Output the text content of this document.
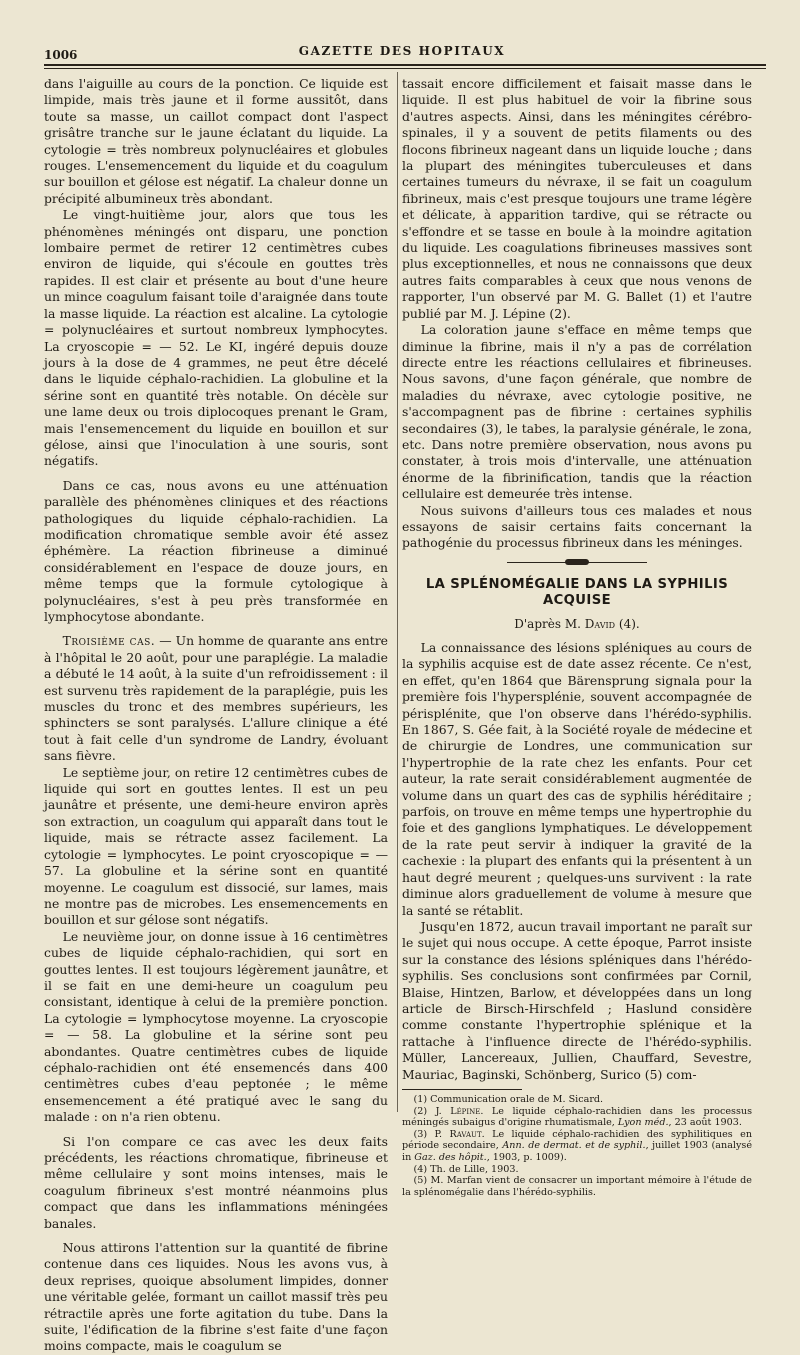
1006	GAZETTE DES HOPITAUX

dans l'aiguille au cours de la ponction. Ce liquide est limpide, mais très jaune et il forme aussitôt, dans toute sa masse, un caillot compact dont l'aspect grisâtre tranche sur le jaune éclatant du liquide. La cytologie = très nombreux polynucléaires et globules rouges. L'ensemencement du liquide et du coagulum sur bouillon et gélose est négatif. La chaleur donne un précipité albumineux très abondant.

Le vingt-huitième jour, alors que tous les phénomènes méningés ont disparu, une ponction lombaire permet de retirer 12 centimètres cubes environ de liquide, qui s'écoule en gouttes très rapides. Il est clair et présente au bout d'une heure un mince coagulum faisant toile d'araignée dans toute la masse liquide. La réaction est alcaline. La cytologie = polynucléaires et surtout nombreux lymphocytes. La cryoscopie = — 52. Le KI, ingéré depuis douze jours à la dose de 4 grammes, ne peut être décelé dans le liquide céphalo-rachidien. La globuline et la sérine sont en quantité très notable. On décèle sur une lame deux ou trois diplocoques prenant le Gram, mais l'ensemencement du liquide en bouillon et sur gélose, ainsi que l'inoculation à une souris, sont négatifs.

Dans ce cas, nous avons eu une atténuation parallèle des phénomènes cliniques et des réactions pathologiques du liquide céphalo-rachidien. La modification chromatique semble avoir été assez éphémère. La réaction fibrineuse a diminué considérablement en l'espace de douze jours, en même temps que la formule cytologique à polynucléaires, s'est à peu près transformée en lymphocytose abondante.

Troisième cas. — Un homme de quarante ans entre à l'hôpital le 20 août, pour une paraplégie. La maladie a débuté le 14 août, à la suite d'un refroidissement : il est survenu très rapidement de la paraplégie, puis les muscles du tronc et des membres supérieurs, les sphincters se sont paralysés. L'allure clinique a été tout à fait celle d'un syndrome de Landry, évoluant sans fièvre.

Le septième jour, on retire 12 centimètres cubes de liquide qui sort en gouttes lentes. Il est un peu jaunâtre et présente, une demi-heure environ après son extraction, un coagulum qui apparaît dans tout le liquide, mais se rétracte assez facilement. La cytologie = lymphocytes. Le point cryoscopique = — 57. La globuline et la sérine sont en quantité moyenne. Le coagulum est dissocié, sur lames, mais ne montre pas de microbes. Les ensemencements en bouillon et sur gélose sont négatifs.

Le neuvième jour, on donne issue à 16 centimètres cubes de liquide céphalo-rachidien, qui sort en gouttes lentes. Il est toujours légèrement jaunâtre, et il se fait en une demi-heure un coagulum peu consistant, identique à celui de la première ponction. La cytologie = lymphocytose moyenne. La cryoscopie = — 58. La globuline et la sérine sont peu abondantes. Quatre centimètres cubes de liquide céphalo-rachidien ont été ensemencés dans 400 centimètres cubes d'eau peptonée ; le même ensemencement a été pratiqué avec le sang du malade : on n'a rien obtenu.

Si l'on compare ce cas avec les deux faits précédents, les réactions chromatique, fibrineuse et même cellulaire y sont moins intenses, mais le coagulum fibrineux s'est montré néanmoins plus compact que dans les inflammations méningées banales.

Nous attirons l'attention sur la quantité de fibrine contenue dans ces liquides. Nous les avons vus, à deux reprises, quoique absolument limpides, donner une véritable gelée, formant un caillot massif très peu rétractile après une forte agitation du tube. Dans la suite, l'édification de la fibrine s'est faite d'une façon moins compacte, mais le coagulum se

tassait encore difficilement et faisait masse dans le liquide. Il est plus habituel de voir la fibrine sous d'autres aspects. Ainsi, dans les méningites cérébro-spinales, il y a souvent de petits filaments ou des flocons fibrineux nageant dans un liquide louche ; dans la plupart des méningites tuberculeuses et dans certaines tumeurs du névraxe, il se fait un coagulum fibrineux, mais c'est presque toujours une trame légère et délicate, à apparition tardive, qui se rétracte ou s'effondre et se tasse en boule à la moindre agitation du liquide. Les coagulations fibrineuses massives sont plus exceptionnelles, et nous ne connaissons que deux autres faits comparables à ceux que nous venons de rapporter, l'un observé par M. G. Ballet (1) et l'autre publié par M. J. Lépine (2).

La coloration jaune s'efface en même temps que diminue la fibrine, mais il n'y a pas de corrélation directe entre les réactions cellulaires et fibrineuses. Nous savons, d'une façon générale, que nombre de maladies du névraxe, avec cytologie positive, ne s'accompagnent pas de fibrine : certaines syphilis secondaires (3), le tabes, la paralysie générale, le zona, etc. Dans notre première observation, nous avons pu constater, à trois mois d'intervalle, une atténuation énorme de la fibrinification, tandis que la réaction cellulaire est demeurée très intense.

Nous suivons d'ailleurs tous ces malades et nous essayons de saisir certains faits concernant la pathogénie du processus fibrineux dans les méninges.

LA SPLÉNOMÉGALIE DANS LA SYPHILIS ACQUISE
D'après M. David (4).

La connaissance des lésions spléniques au cours de la syphilis acquise est de date assez récente. Ce n'est, en effet, qu'en 1864 que Bärensprung signala pour la première fois l'hypersplénie, souvent accompagnée de périsplénite, que l'on observe dans l'hérédo-syphilis. En 1867, S. Gée fait, à la Société royale de médecine et de chirurgie de Londres, une communication sur l'hypertrophie de la rate chez les enfants. Pour cet auteur, la rate serait considérablement augmentée de volume dans un quart des cas de syphilis héréditaire ; parfois, on trouve en même temps une hypertrophie du foie et des ganglions lymphatiques. Le développement de la rate peut servir à indiquer la gravité de la cachexie : la plupart des enfants qui la présentent à un haut degré meurent ; quelques-uns survivent : la rate diminue alors graduellement de volume à mesure que la santé se rétablit.

Jusqu'en 1872, aucun travail important ne paraît sur le sujet qui nous occupe. A cette époque, Parrot insiste sur la constance des lésions spléniques dans l'hérédo-syphilis. Ses conclusions sont confirmées par Cornil, Blaise, Hintzen, Barlow, et développées dans un long article de Birsch-Hirschfeld ; Haslund considère comme constante l'hypertrophie splénique et la rattache à l'influence directe de l'hérédo-syphilis. Müller, Lancereaux, Jullien, Chauffard, Sevestre, Mauriac, Baginski, Schönberg, Surico (5) com-

(1) Communication orale de M. Sicard.

(2) J. Lépine. Le liquide céphalo-rachidien dans les processus méningés subaigus d'origine rhumatismale, Lyon méd., 23 août 1903.

(3) P. Ravaut. Le liquide céphalo-rachidien des syphilitiques en période secondaire, Ann. de dermat. et de syphil., juillet 1903 (analysé in Gaz. des hôpit., 1903, p. 1009).

(4) Th. de Lille, 1903.

(5) M. Marfan vient de consacrer un important mémoire à l'étude de la splénomégalie dans l'hérédo-syphilis.
